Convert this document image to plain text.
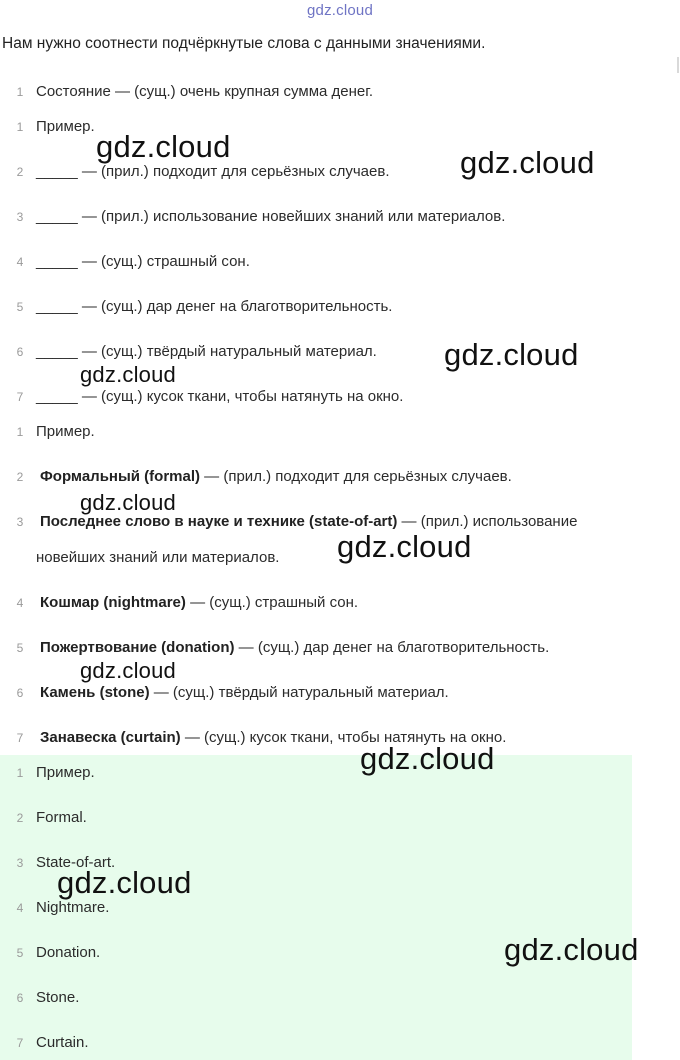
gdz.cloud
Нам нужно соотнести подчёркнутые слова с данными значениями.
1 Состояние — (сущ.) очень крупная сумма денег.
1 Пример.
2 _____ — (прил.) подходит для серьёзных случаев.
3 _____ — (прил.) использование новейших знаний или материалов.
4 _____ — (сущ.) страшный сон.
5 _____ — (сущ.) дар денег на благотворительность.
6 _____ — (сущ.) твёрдый натуральный материал.
7 _____ — (сущ.) кусок ткани, чтобы натянуть на окно.
1 Пример.
2 Формальный (formal) — (прил.) подходит для серьёзных случаев.
3 Последнее слово в науке и технике (state-of-art) — (прил.) использование
новейших знаний или материалов.
4 Кошмар (nightmare) — (сущ.) страшный сон.
5 Пожертвование (donation) — (сущ.) дар денег на благотворительность.
6 Камень (stone) — (сущ.) твёрдый натуральный материал.
7 Занавеска (curtain) — (сущ.) кусок ткани, чтобы натянуть на окно.
1 Пример.
2 Formal.
3 State-of-art.
4 Nightmare.
5 Donation.
6 Stone.
7 Curtain.
gdz.cloud	gdz.cloud
gdz.cloud
gdz.cloud
gdz.cloud
gdz.cloud
gdz.cloud
gdz.cloud
gdz.cloud
gdz.cloud
